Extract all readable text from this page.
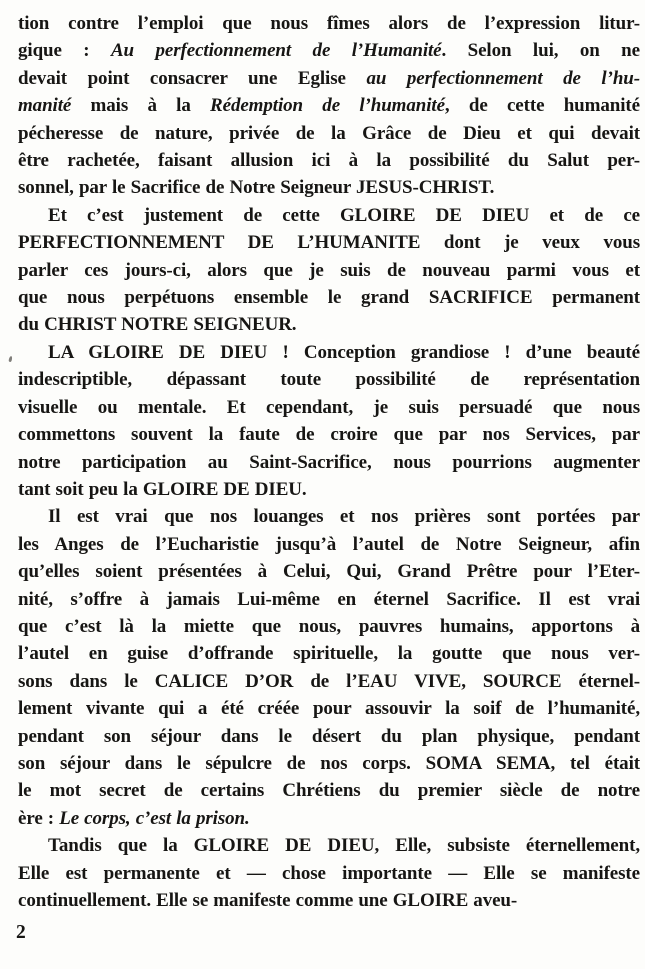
tion contre l’emploi que nous fîmes alors de l’expression litur-
gique : Au perfectionnement de l’Humanité. Selon lui, on ne
devait point consacrer une Eglise au perfectionnement de l’hu-
manité mais à la Rédemption de l’humanité, de cette humanité
pécheresse de nature, privée de la Grâce de Dieu et qui devait
être rachetée, faisant allusion ici à la possibilité du Salut per-
sonnel, par le Sacrifice de Notre Seigneur JESUS-CHRIST.
Et c’est justement de cette GLOIRE DE DIEU et de ce
PERFECTIONNEMENT DE L’HUMANITE dont je veux vous
parler ces jours-ci, alors que je suis de nouveau parmi vous et
que nous perpétuons ensemble le grand SACRIFICE permanent
du CHRIST NOTRE SEIGNEUR.
LA GLOIRE DE DIEU ! Conception grandiose ! d’une beauté
indescriptible, dépassant toute possibilité de représentation
visuelle ou mentale. Et cependant, je suis persuadé que nous
commettons souvent la faute de croire que par nos Services, par
notre participation au Saint-Sacrifice, nous pourrions augmenter
tant soit peu la GLOIRE DE DIEU.
Il est vrai que nos louanges et nos prières sont portées par
les Anges de l’Eucharistie jusqu’à l’autel de Notre Seigneur, afin
qu’elles soient présentées à Celui, Qui, Grand Prêtre pour l’Eter-
nité, s’offre à jamais Lui-même en éternel Sacrifice. Il est vrai
que c’est là la miette que nous, pauvres humains, apportons à
l’autel en guise d’offrande spirituelle, la goutte que nous ver-
sons dans le CALICE D’OR de l’EAU VIVE, SOURCE éternel-
lement vivante qui a été créée pour assouvir la soif de l’humanité,
pendant son séjour dans le désert du plan physique, pendant
son séjour dans le sépulcre de nos corps. SOMA SEMA, tel était
le mot secret de certains Chrétiens du premier siècle de notre
ère : Le corps, c’est la prison.
Tandis que la GLOIRE DE DIEU, Elle, subsiste éternellement,
Elle est permanente et — chose importante — Elle se manifeste
continuellement. Elle se manifeste comme une GLOIRE aveu-
2
